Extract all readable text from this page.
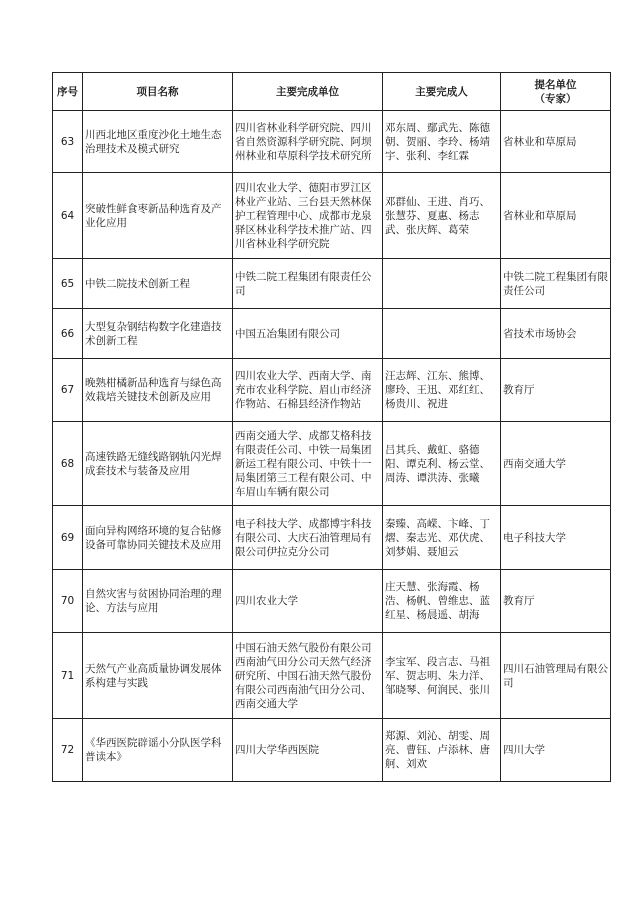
序号	项目名称	主要完成单位	主要完成人	提名单位
（专家）

63	川西北地区重度沙化土地生态治理技术及模式研究	四川省林业科学研究院、四川省自然资源科学研究院、阿坝州林业和草原科学技术研究所	邓东周、鄢武先、陈德朝、贺丽、李玲、杨靖宇、张利、李红霖	省林业和草原局
64	突破性鲜食枣新品种选育及产业化应用	四川农业大学、德阳市罗江区林业产业站、三台县天然林保护工程管理中心、成都市龙泉驿区林业科学技术推广站、四川省林业科学研究院	邓群仙、王进、肖巧、张慧芬、夏惠、杨志武、张庆辉、葛荣	省林业和草原局
65	中铁二院技术创新工程	中铁二院工程集团有限责任公司		中铁二院工程集团有限责任公司
66	大型复杂钢结构数字化建造技术创新工程	中国五冶集团有限公司		省技术市场协会
67	晚熟柑橘新品种选育与绿色高效栽培关键技术创新及应用	四川农业大学、西南大学、南充市农业科学院、眉山市经济作物站、石棉县经济作物站	汪志辉、江东、熊博、廖玲、王迅、邓红红、杨贵川、祝进	教育厅
68	高速铁路无缝线路钢轨闪光焊成套技术与装备及应用	西南交通大学、成都艾格科技有限责任公司、中铁一局集团新运工程有限公司、中铁十一局集团第三工程有限公司、中车眉山车辆有限公司	吕其兵、戴虹、骆德阳、谭克利、杨云堂、周涛、谭洪涛、张曦	西南交通大学
69	面向异构网络环境的复合钻修设备可靠协同关键技术及应用	电子科技大学、成都博宇科技有限公司、大庆石油管理局有限公司伊拉克分公司	秦臻、高嵘、卞峰、丁熠、秦志光、邓伏虎、刘梦娟、聂旭云	电子科技大学
70	自然灾害与贫困协同治理的理论、方法与应用	四川农业大学	庄天慧、张海霞、杨浩、杨帆、曾维忠、蓝红星、杨晨遥、胡海	教育厅
71	天然气产业高质量协调发展体系构建与实践	中国石油天然气股份有限公司西南油气田分公司天然气经济研究所、中国石油天然气股份有限公司西南油气田分公司、西南交通大学	李宝军、段言志、马祖军、贺志明、朱力洋、邹晓琴、何润民、张川	四川石油管理局有限公司
72	《华西医院辟谣小分队医学科普读本》	四川大学华西医院	郑源、刘沁、胡雯、周亮、曹钰、卢添林、唐舸、刘欢	四川大学
